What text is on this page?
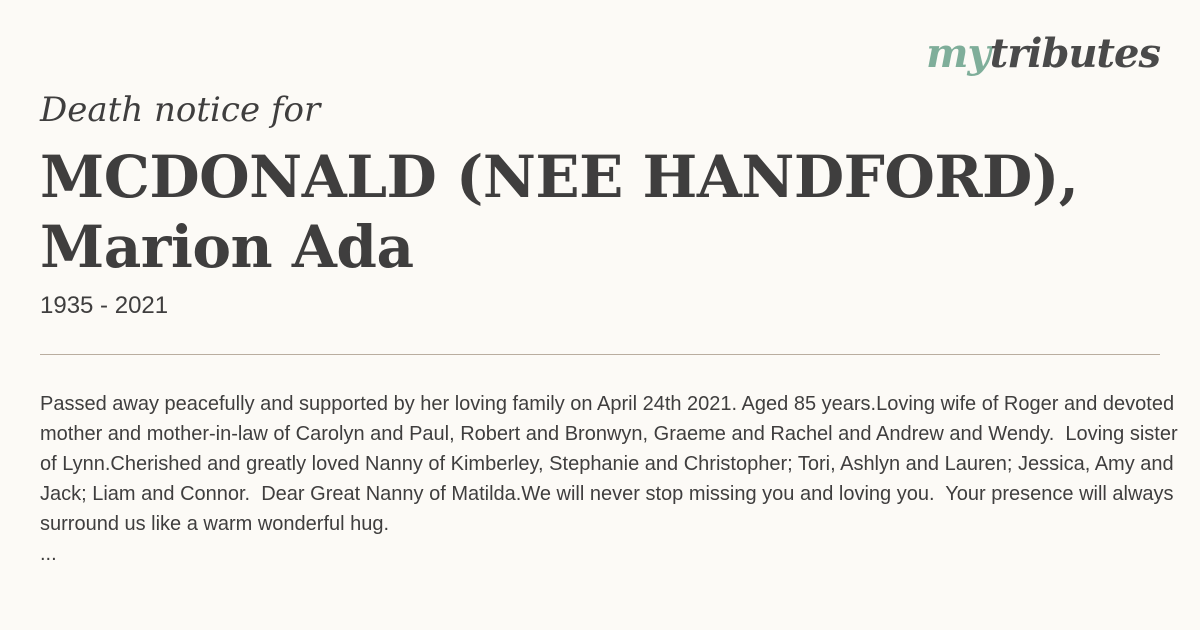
mytributes
Death notice for
MCDONALD (NEE HANDFORD), Marion Ada
1935 - 2021
Passed away peacefully and supported by her loving family on April 24th 2021. Aged 85 years.Loving wife of Roger and devoted mother and mother-in-law of Carolyn and Paul, Robert and Bronwyn, Graeme and Rachel and Andrew and Wendy.  Loving sister of Lynn.Cherished and greatly loved Nanny of Kimberley, Stephanie and Christopher; Tori, Ashlyn and Lauren; Jessica, Amy and Jack; Liam and Connor.  Dear Great Nanny of Matilda.We will never stop missing you and loving you.  Your presence will always surround us like a warm wonderful hug.
...
